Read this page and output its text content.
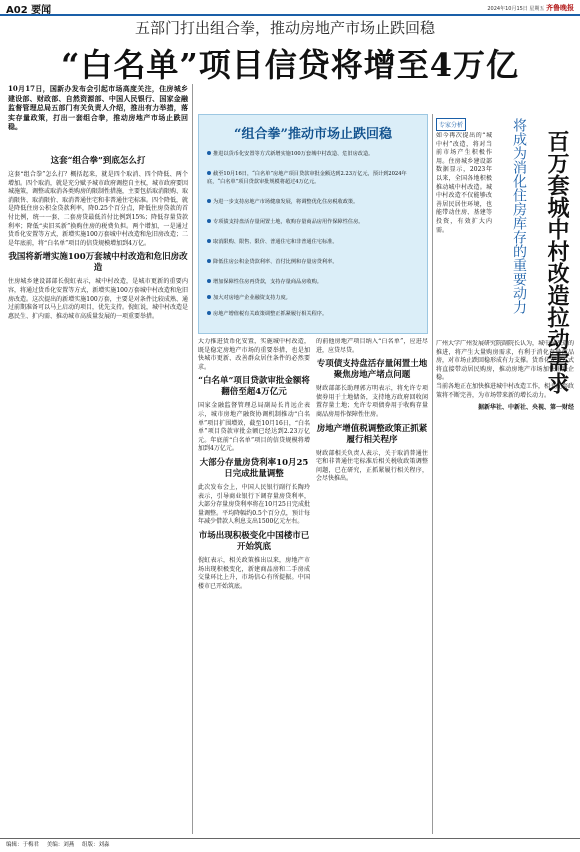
A02 要闻	2024年10月15日 星期五 齐鲁晚报
五部门打出组合拳，推动房地产市场止跌回稳
“白名单”项目信贷将增至4万亿
10月17日，国新办发布会引起市场高度关注，住房城乡建设部、财政部、自然资源部、中国人民银行、国家金融监督管理总局五部门有关负责人介绍，推出有力举措，落实存量政策，打出一套组合拳，推动房地产市场止跌回稳。
这套“组合拳”到底怎么打
这套“组合拳”怎么打？概括起来，就是四个取消、四个降低、两个增加。四个取消，就是充分赋予城市政府调控自主权，城市政府要因城施策，调整或取消各类购房的限制性措施，主要包括取消限购、取消限售、取消限价、取消普通住宅和非普通住宅标准。四个降低，就是降低住房公积金贷款利率，降0.25个百分点，降低住房贷款的首付比例，统一一套、二套房贷最低首付比例到15%；降低存量贷款利率；降低“卖旧买新”换购住房的税费负担。两个增加，一是通过货币化安置等方式，新增实施100万套城中村改造和危旧房改造；二是年底前，将“白名单”项目的信贷规模增加到4万亿。
我国将新增实施100万套城中村改造和危旧房改造
住房城乡建设部部长倪虹表示，城中村改造，是城市更新的重要内容，将通过货币化安置等方式，新增实施100万套城中村改造和危旧房改造。这次提出的新增实施100万套，主要是对条件比较成熟、通过前期准备可以马上启动的项目，优先支持。倪虹说，城中村改造是惠民生、扩内需、推动城市高质量发展的一项重要举措。
“组合拳”推动市场止跌回稳
推进以货币化安置等方式新增实施100万套城中村改造、危旧房改造。
截至10月16日，“白名单”房地产项目贷款审批金额达到2.23万亿元，预计到2024年底，“白名单”项目贷款审批规模将超过4万亿元。
为进一步支持房地产市场健康发展，将调整优化住房税收政策。
专项债支持盘活存量闲置土地，收购存量商品房用作保障性住房。
取消限购、限售、限价、普通住宅和非普通住宅标准。
降低住房公积金贷款利率、首付比例和存量房贷利率。
增加保障性住房再贷款，支持存量商品房收购。
加大对房地产企业融资支持力度。
房地产增值税有关政策调整正抓紧履行相关程序。
大力推进货币化安置，实施城中村改造，既是稳定房地产市场的重要举措，也是加快城市更新、改善群众居住条件的必然要求。
“白名单”项目贷款审批金额将翻倍至超4万亿元
国家金融监督管理总局副局长肖远企表示，城市房地产融资协调机制推动“白名单”项目扩围增效，截至10月16日，“白名单”项目贷款审批金额已经达到2.23万亿元。年底前“白名单”项目的信贷规模将增加到4万亿元。
大部分存量房贷利率10月25日完成批量调整
此次发布会上，中国人民银行副行长陶玲表示，引导商业银行下调存量房贷利率，大部分存量房贷利率将在10月25日完成批量调整。平均降幅约0.5个百分点，预计每年减少借款人利息支出1500亿元左右。
市场出现积极变化中国楼市已开始筑底
倪虹表示，相关政策推出以来，房地产市场出现积极变化，新建商品房和二手房成交量环比上升，市场信心有所提振。中国楼市已开始筑底。
的前他房地产项目纳入“白名单”，应进尽进，应贷尽贷。
专项债支持盘活存量闲置土地聚焦房地产堵点问题
财政部部长助理郭方明表示，将允许专项债券用于土地储备，支持地方政府回收闲置存量土地；允许专项债券用于收购存量商品房用作保障性住房。
房地产增值税调整政策正抓紧履行相关程序
财政部相关负责人表示，关于取消普通住宅和非普通住宅标准后相关税收政策调整问题，已在研究，正抓紧履行相关程序，会尽快推出。
专家分析
百万套城中村改造拉动需求
将成为消化住房库存的重要动力
如今再次提出的“城中村”改造，将对当前市场产生积极作用。住房城乡建设部数据显示，2023年以来，全国各地积极推动城中村改造。城中村改造不仅能够改善居民居住环境，也能带动住房、基建等投资，有效扩大内需。
广州大学广州发展研究院副院长认为，城中村改造的推进，将产生大量购房需求，有利于消化存量商品房，对市场止跌回稳形成有力支撑。货币化安置方式将直接带动居民购房，推动房地产市场加快止跌企稳。
当前各地正在加快推进城中村改造工作，相关配套政策将不断完善，为市场带来新的增长动力。
据新华社、中新社、央视、第一财经
编辑：于梅君 美编：刘燕 组版：刘淼
